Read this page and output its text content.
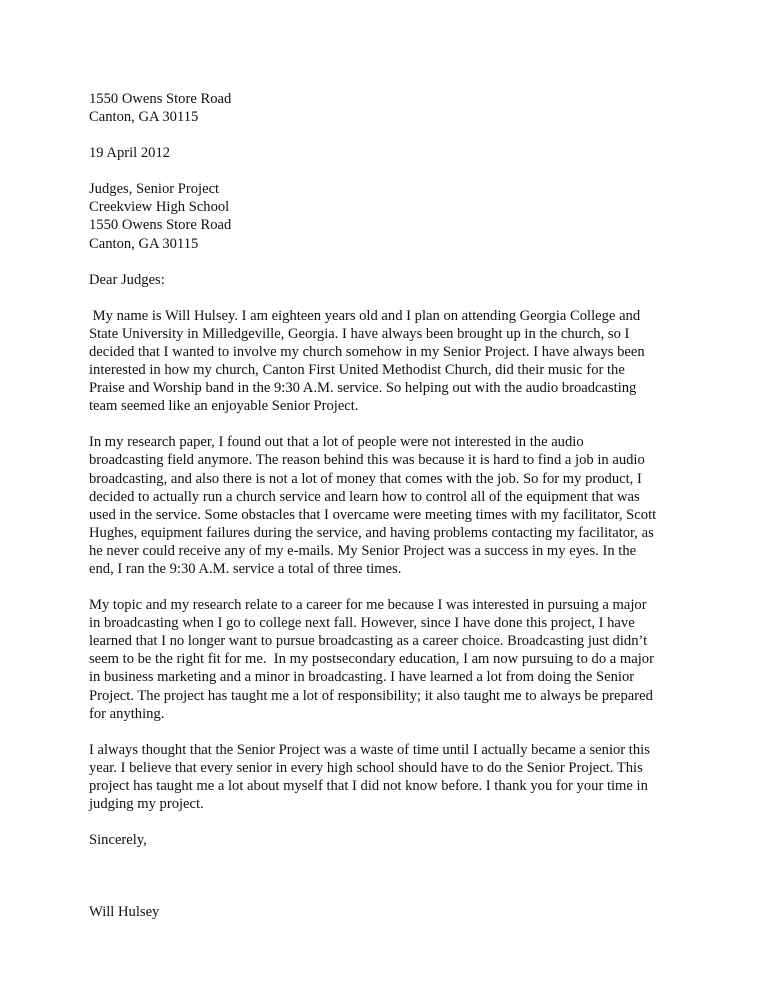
1550 Owens Store Road
Canton, GA 30115
19 April 2012
Judges, Senior Project
Creekview High School
1550 Owens Store Road
Canton, GA 30115
Dear Judges:
My name is Will Hulsey. I am eighteen years old and I plan on attending Georgia College and
State University in Milledgeville, Georgia. I have always been brought up in the church, so I
decided that I wanted to involve my church somehow in my Senior Project. I have always been
interested in how my church, Canton First United Methodist Church, did their music for the
Praise and Worship band in the 9:30 A.M. service. So helping out with the audio broadcasting
team seemed like an enjoyable Senior Project.
In my research paper, I found out that a lot of people were not interested in the audio
broadcasting field anymore. The reason behind this was because it is hard to find a job in audio
broadcasting, and also there is not a lot of money that comes with the job. So for my product, I
decided to actually run a church service and learn how to control all of the equipment that was
used in the service. Some obstacles that I overcame were meeting times with my facilitator, Scott
Hughes, equipment failures during the service, and having problems contacting my facilitator, as
he never could receive any of my e-mails. My Senior Project was a success in my eyes. In the
end, I ran the 9:30 A.M. service a total of three times.
My topic and my research relate to a career for me because I was interested in pursuing a major
in broadcasting when I go to college next fall. However, since I have done this project, I have
learned that I no longer want to pursue broadcasting as a career choice. Broadcasting just didn’t
seem to be the right fit for me.  In my postsecondary education, I am now pursuing to do a major
in business marketing and a minor in broadcasting. I have learned a lot from doing the Senior
Project. The project has taught me a lot of responsibility; it also taught me to always be prepared
for anything.
I always thought that the Senior Project was a waste of time until I actually became a senior this
year. I believe that every senior in every high school should have to do the Senior Project. This
project has taught me a lot about myself that I did not know before. I thank you for your time in
judging my project.
Sincerely,
Will Hulsey
